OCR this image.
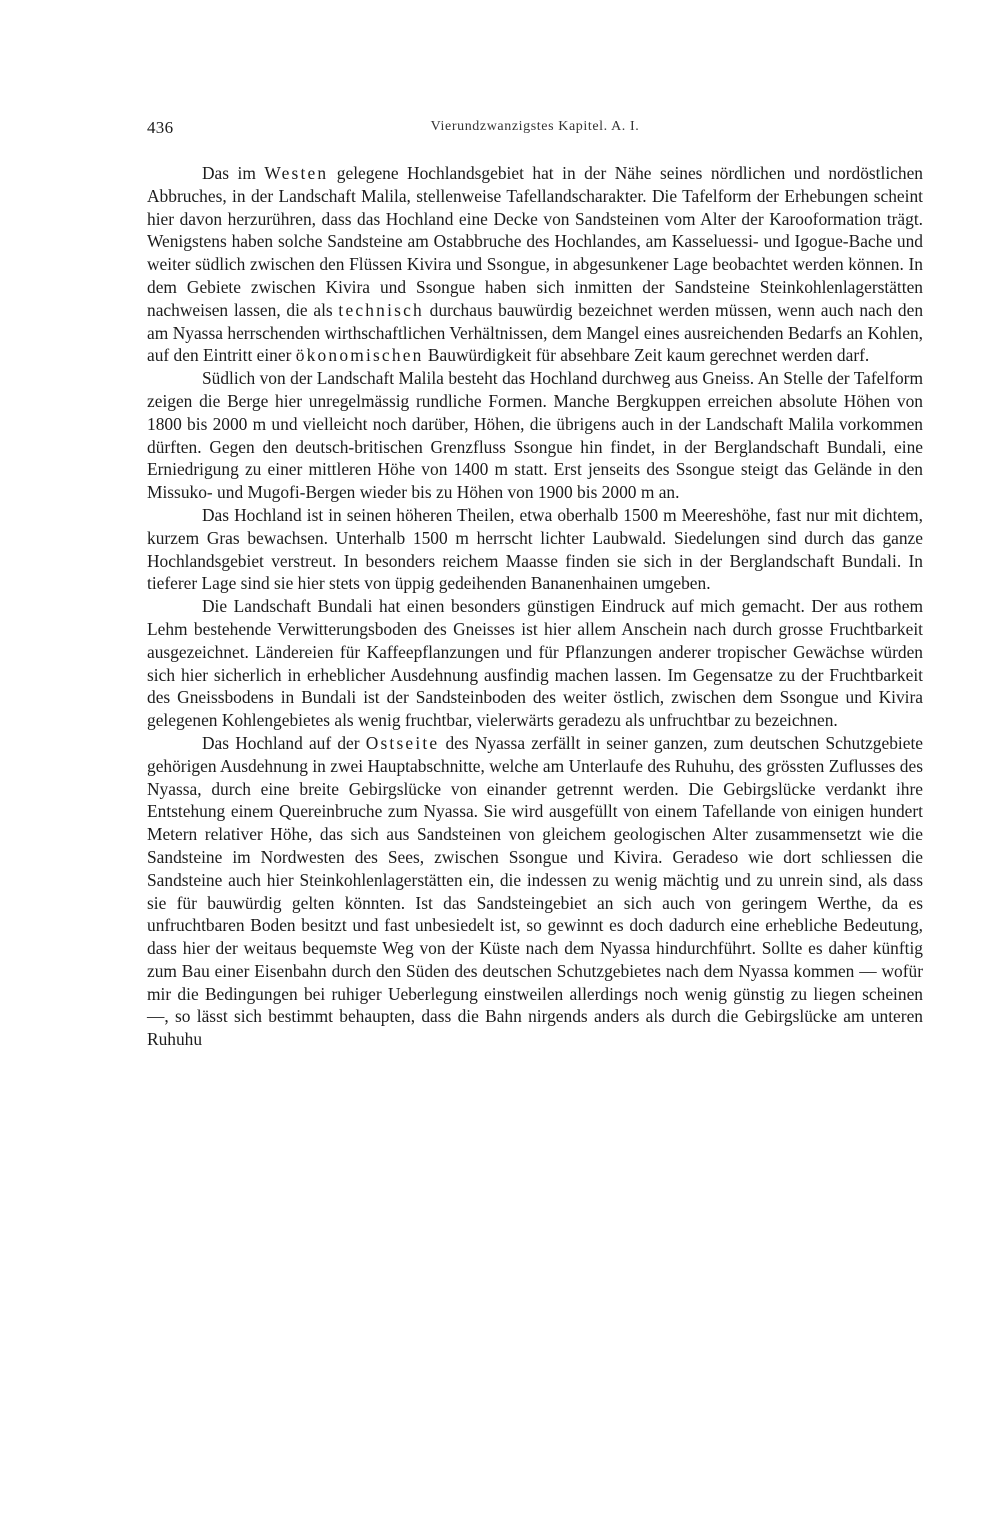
436	Vierundzwanzigstes Kapitel. A. I.

Das im Westen gelegene Hochlandsgebiet hat in der Nähe seines nördlichen und nordöstlichen Abbruches, in der Landschaft Malila, stellenweise Tafellandscharakter. Die Tafelform der Erhebungen scheint hier davon herzurühren, dass das Hochland eine Decke von Sandsteinen vom Alter der Karooformation trägt. Wenigstens haben solche Sandsteine am Ostabbruche des Hochlandes, am Kasseluessi- und Igogue-Bache und weiter südlich zwischen den Flüssen Kivira und Ssongue, in abgesunkener Lage beobachtet werden können. In dem Gebiete zwischen Kivira und Ssongue haben sich inmitten der Sandsteine Steinkohlenlagerstätten nachweisen lassen, die als technisch durchaus bauwürdig bezeichnet werden müssen, wenn auch nach den am Nyassa herrschenden wirthschaftlichen Verhältnissen, dem Mangel eines ausreichenden Bedarfs an Kohlen, auf den Eintritt einer ökonomischen Bauwürdigkeit für absehbare Zeit kaum gerechnet werden darf.

Südlich von der Landschaft Malila besteht das Hochland durchweg aus Gneiss. An Stelle der Tafelform zeigen die Berge hier unregelmässig rundliche Formen. Manche Bergkuppen erreichen absolute Höhen von 1800 bis 2000 m und vielleicht noch darüber, Höhen, die übrigens auch in der Landschaft Malila vorkommen dürften. Gegen den deutsch-britischen Grenzfluss Ssongue hin findet, in der Berglandschaft Bundali, eine Erniedrigung zu einer mittleren Höhe von 1400 m statt. Erst jenseits des Ssongue steigt das Gelände in den Missuko- und Mugofi-Bergen wieder bis zu Höhen von 1900 bis 2000 m an.

Das Hochland ist in seinen höheren Theilen, etwa oberhalb 1500 m Meereshöhe, fast nur mit dichtem, kurzem Gras bewachsen. Unterhalb 1500 m herrscht lichter Laubwald. Siedelungen sind durch das ganze Hochlandsgebiet verstreut. In besonders reichem Maasse finden sie sich in der Berglandschaft Bundali. In tieferer Lage sind sie hier stets von üppig gedeihenden Bananenhainen umgeben.

Die Landschaft Bundali hat einen besonders günstigen Eindruck auf mich gemacht. Der aus rothem Lehm bestehende Verwitterungsboden des Gneisses ist hier allem Anschein nach durch grosse Fruchtbarkeit ausgezeichnet. Ländereien für Kaffeepflanzungen und für Pflanzungen anderer tropischer Gewächse würden sich hier sicherlich in erheblicher Ausdehnung ausfindig machen lassen. Im Gegensatze zu der Fruchtbarkeit des Gneissbodens in Bundali ist der Sandsteinboden des weiter östlich, zwischen dem Ssongue und Kivira gelegenen Kohlengebietes als wenig fruchtbar, vielerwärts geradezu als unfruchtbar zu bezeichnen.

Das Hochland auf der Ostseite des Nyassa zerfällt in seiner ganzen, zum deutschen Schutzgebiete gehörigen Ausdehnung in zwei Hauptabschnitte, welche am Unterlaufe des Ruhuhu, des grössten Zuflusses des Nyassa, durch eine breite Gebirgslücke von einander getrennt werden. Die Gebirgslücke verdankt ihre Entstehung einem Quereinbruche zum Nyassa. Sie wird ausgefüllt von einem Tafellande von einigen hundert Metern relativer Höhe, das sich aus Sandsteinen von gleichem geologischen Alter zusammensetzt wie die Sandsteine im Nordwesten des Sees, zwischen Ssongue und Kivira. Geradeso wie dort schliessen die Sandsteine auch hier Steinkohlenlagerstätten ein, die indessen zu wenig mächtig und zu unrein sind, als dass sie für bauwürdig gelten könnten. Ist das Sandsteingebiet an sich auch von geringem Werthe, da es unfruchtbaren Boden besitzt und fast unbesiedelt ist, so gewinnt es doch dadurch eine erhebliche Bedeutung, dass hier der weitaus bequemste Weg von der Küste nach dem Nyassa hindurchführt. Sollte es daher künftig zum Bau einer Eisenbahn durch den Süden des deutschen Schutzgebietes nach dem Nyassa kommen — wofür mir die Bedingungen bei ruhiger Ueberlegung einstweilen allerdings noch wenig günstig zu liegen scheinen —, so lässt sich bestimmt behaupten, dass die Bahn nirgends anders als durch die Gebirgslücke am unteren Ruhuhu
